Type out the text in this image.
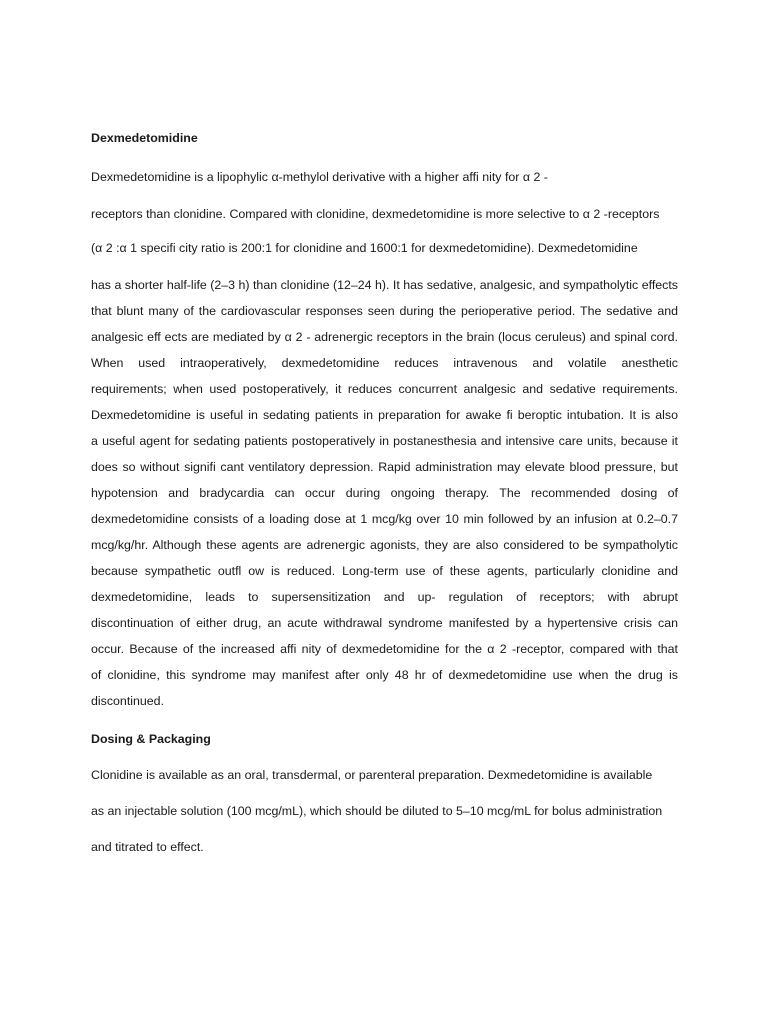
Dexmedetomidine

Dexmedetomidine is a lipophylic α-methylol derivative with a higher affi nity for α 2 -

receptors than clonidine. Compared with clonidine, dexmedetomidine is more selective to α 2 -receptors

(α 2 :α 1 specifi city ratio is 200:1 for clonidine and 1600:1 for dexmedetomidine). Dexmedetomidine

has a shorter half-life (2–3 h) than clonidine (12–24 h). It has sedative, analgesic, and sympatholytic effects

that blunt many of the cardiovascular responses seen during the perioperative period. The sedative and

analgesic eff ects are mediated by α 2 - adrenergic receptors in the brain (locus ceruleus) and spinal cord.

When used intraoperatively, dexmedetomidine reduces intravenous and volatile anesthetic

requirements; when used postoperatively, it reduces concurrent analgesic and sedative requirements.

Dexmedetomidine is useful in sedating patients in preparation for awake fi beroptic intubation. It is also

a useful agent for sedating patients postoperatively in postanesthesia and intensive care units, because it

does so without signifi cant ventilatory depression. Rapid administration may elevate blood pressure, but

hypotension and bradycardia can occur during ongoing therapy. The recommended dosing of

dexmedetomidine consists of a loading dose at 1 mcg/kg over 10 min followed by an infusion at 0.2–0.7

mcg/kg/hr. Although these agents are adrenergic agonists, they are also considered to be sympatholytic

because sympathetic outfl ow is reduced. Long-term use of these agents, particularly clonidine and

dexmedetomidine, leads to supersensitization and up- regulation of receptors; with abrupt

discontinuation of either drug, an acute withdrawal syndrome manifested by a hypertensive crisis can

occur. Because of the increased affi nity of dexmedetomidine for the α 2 -receptor, compared with that

of clonidine, this syndrome may manifest after only 48 hr of dexmedetomidine use when the drug is

discontinued.

Dosing & Packaging

Clonidine is available as an oral, transdermal, or parenteral preparation. Dexmedetomidine is available

as an injectable solution (100 mcg/mL), which should be diluted to 5–10 mcg/mL for bolus administration

and titrated to effect.
